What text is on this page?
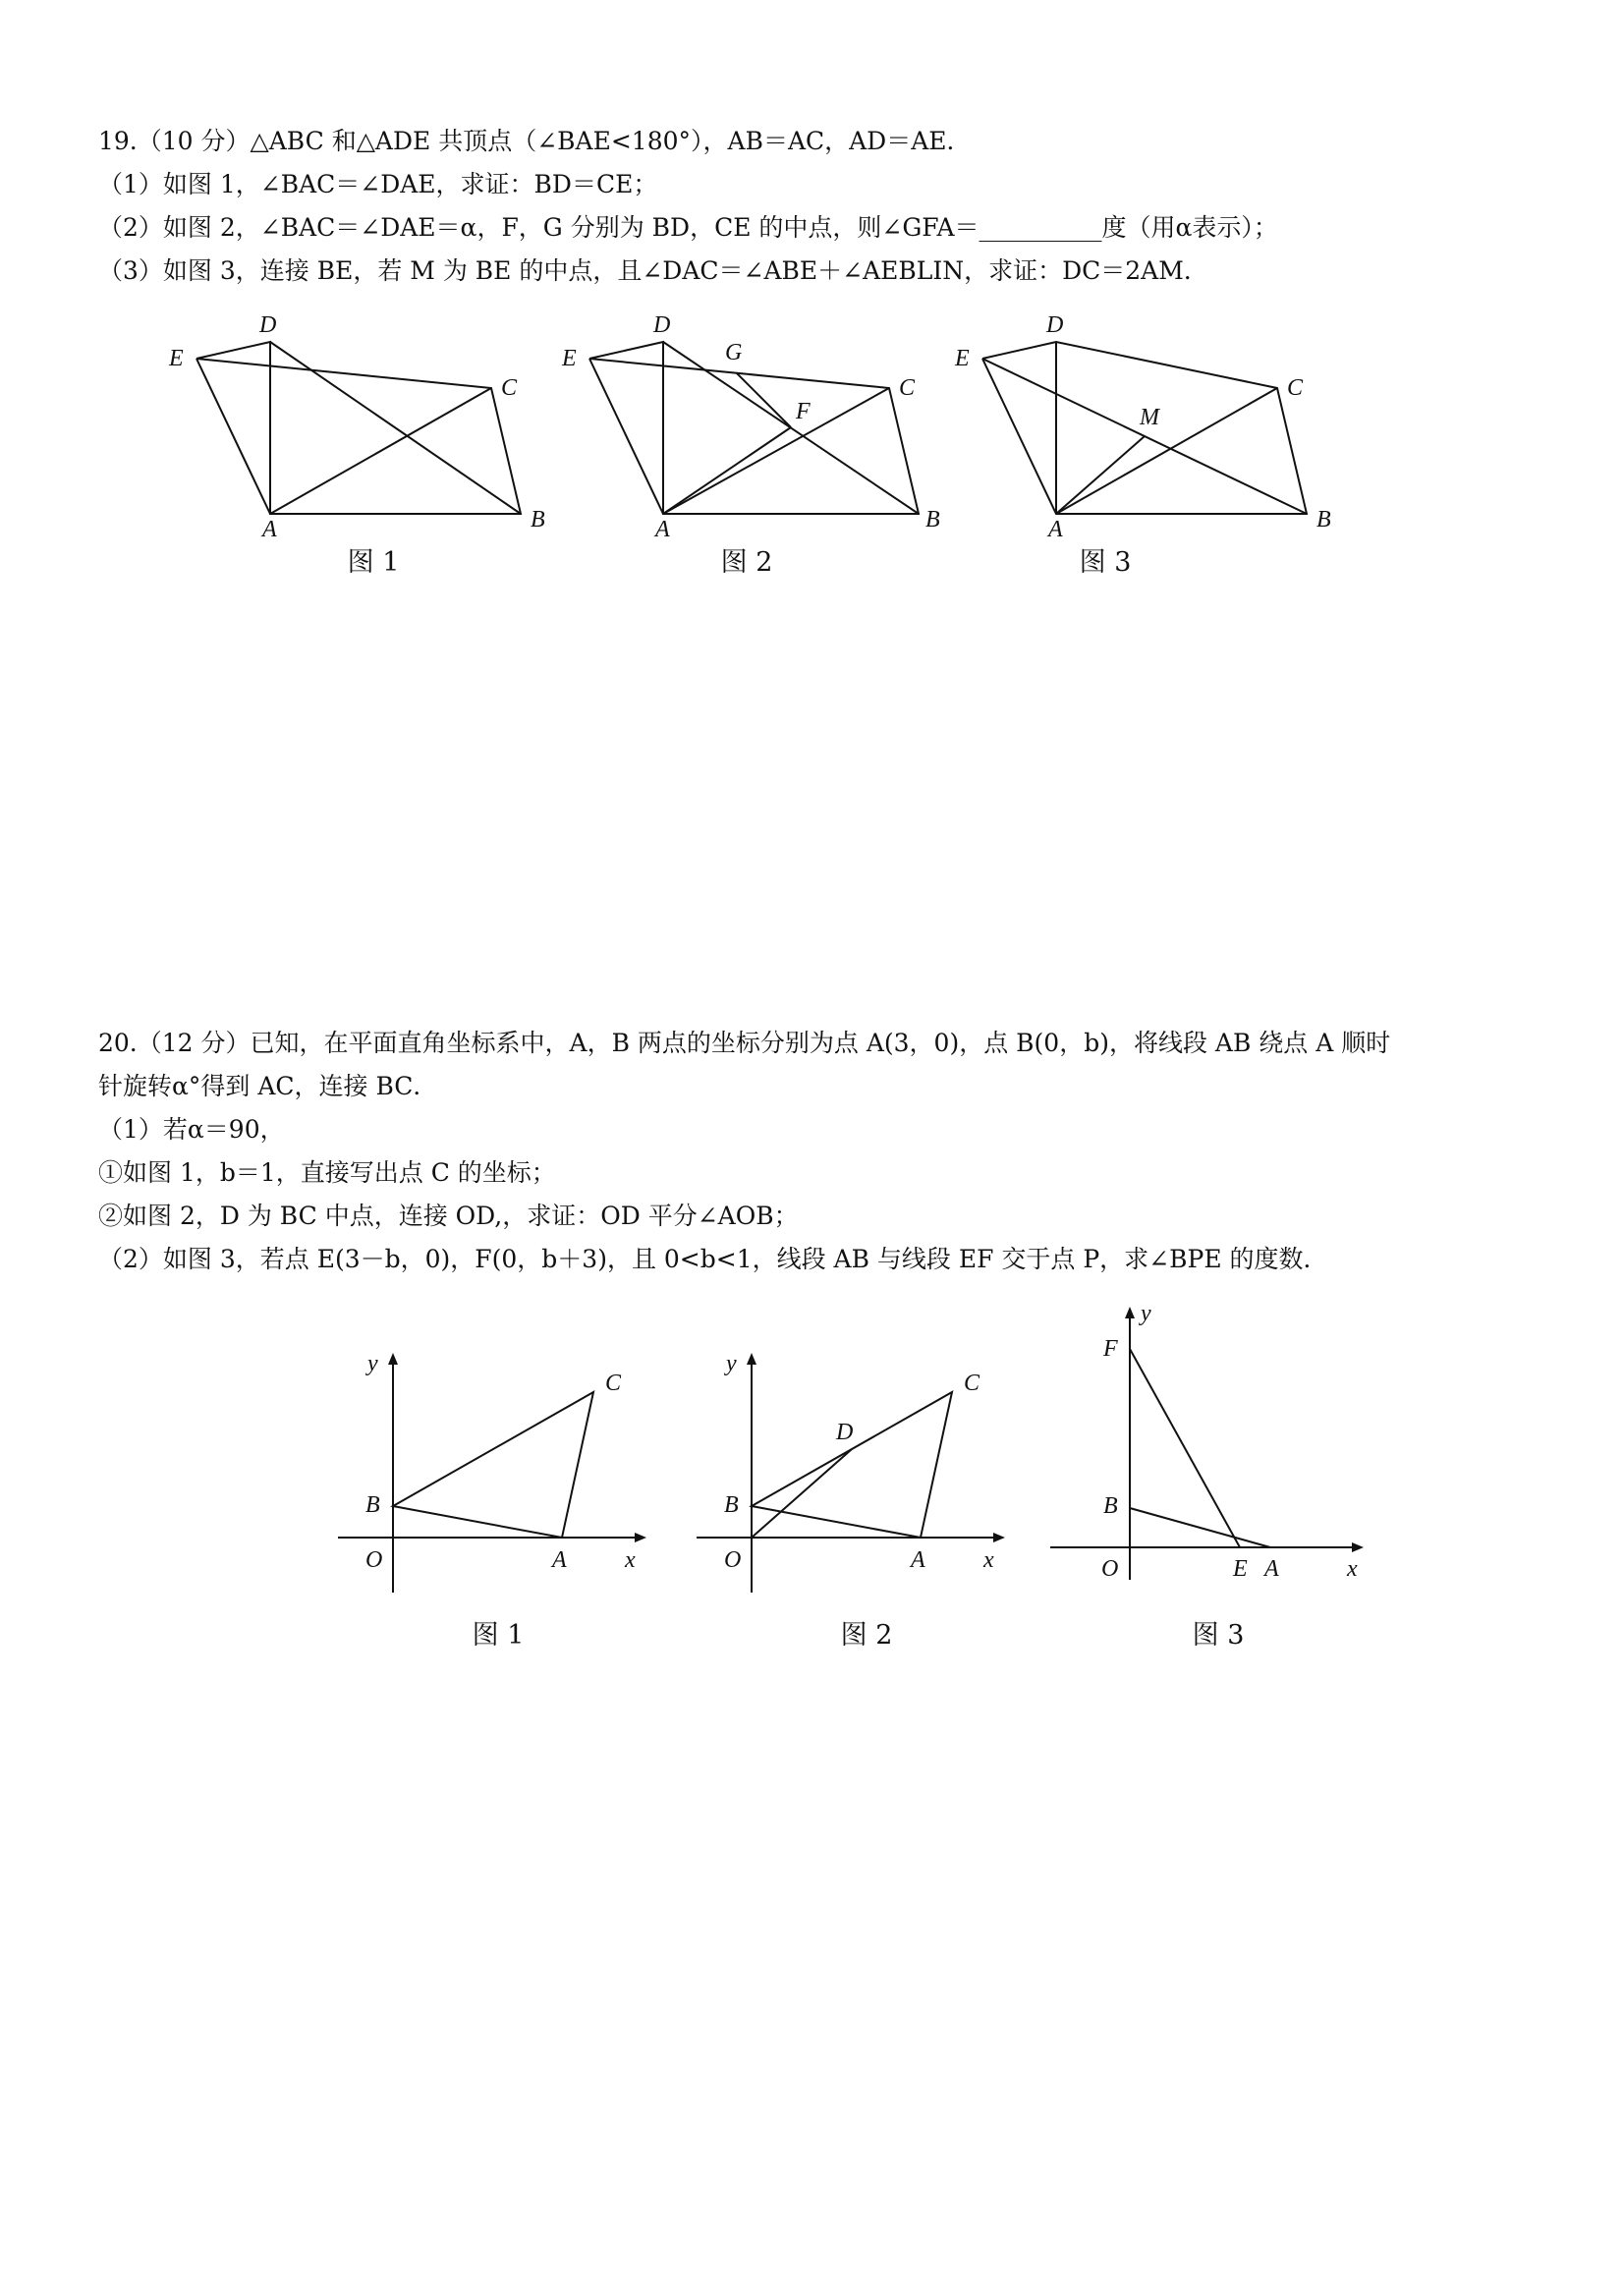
19.（10 分）△ABC 和△ADE 共顶点（∠BAE<180°），AB＝AC，AD＝AE．
（1）如图 1，∠BAC＝∠DAE，求证：BD＝CE；
（2）如图 2，∠BAC＝∠DAE＝α，F，G 分别为 BD，CE 的中点，则∠GFA＝__________度（用α表示）；
（3）如图 3，连接 BE，若 M 为 BE 的中点，且∠DAC＝∠ABE＋∠AEBLIN，求证：DC＝2AM．
D
E
C
A	B
图 1
D
E	G
F
C
A	B
图 2
D
E
M
C
A	B
图 3
20.（12 分）已知，在平面直角坐标系中，A，B 两点的坐标分别为点 A(3，0)，点 B(0，b)，将线段 AB 绕点 A 顺时
针旋转α°得到 AC，连接 BC．
（1）若α＝90，
①如图 1，b＝1，直接写出点 C 的坐标；
②如图 2，D 为 BC 中点，连接 OD,，求证：OD 平分∠AOB；
（2）如图 3，若点 E(3－b，0)，F(0，b＋3)，且 0<b<1，线段 AB 与线段 EF 交于点 P，求∠BPE 的度数．
y
C
B
O	A x
图 1
y
C
D
B
O	A x
图 2
y
F
B
O	E A	x
图 3
